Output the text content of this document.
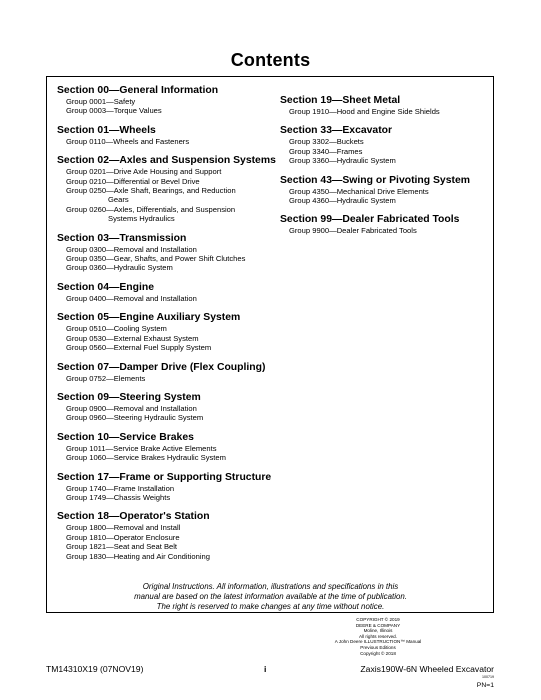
Contents
Section 00—General Information
Group 0001—Safety
Group 0003—Torque Values
Section 01—Wheels
Group 0110—Wheels and Fasteners
Section 02—Axles and Suspension Systems
Group 0201—Drive Axle Housing and Support
Group 0210—Differential or Bevel Drive
Group 0250—Axle Shaft, Bearings, and Reduction
Gears
Group 0260—Axles, Differentials, and Suspension
Systems Hydraulics
Section 03—Transmission
Group 0300—Removal and Installation
Group 0350—Gear, Shafts, and Power Shift Clutches
Group 0360—Hydraulic System
Section 04—Engine
Group 0400—Removal and Installation
Section 05—Engine Auxiliary System
Group 0510—Cooling System
Group 0530—External Exhaust System
Group 0560—External Fuel Supply System
Section 07—Damper Drive (Flex Coupling)
Group 0752—Elements
Section 09—Steering System
Group 0900—Removal and Installation
Group 0960—Steering Hydraulic System
Section 10—Service Brakes
Group 1011—Service Brake Active Elements
Group 1060—Service Brakes Hydraulic System
Section 17—Frame or Supporting Structure
Group 1740—Frame Installation
Group 1749—Chassis Weights
Section 18—Operator's Station
Group 1800—Removal and Install
Group 1810—Operator Enclosure
Group 1821—Seat and Seat Belt
Group 1830—Heating and Air Conditioning
Section 19—Sheet Metal
Group 1910—Hood and Engine Side Shields
Section 33—Excavator
Group 3302—Buckets
Group 3340—Frames
Group 3360—Hydraulic System
Section 43—Swing or Pivoting System
Group 4350—Mechanical Drive Elements
Group 4360—Hydraulic System
Section 99—Dealer Fabricated Tools
Group 9900—Dealer Fabricated Tools
Original Instructions. All information, illustrations and specifications in this
manual are based on the latest information available at the time of publication.
The right is reserved to make changes at any time without notice.
COPYRIGHT © 2019
DEERE & COMPANY
Moline, Illinois
All rights reserved.
A John Deere ILLUSTRUCTION™ Manual
Previous Editions
Copyright © 2018
TM14310X19 (07NOV19)	i	Zaxis190W-6N Wheeled Excavator
100719
PN=1
